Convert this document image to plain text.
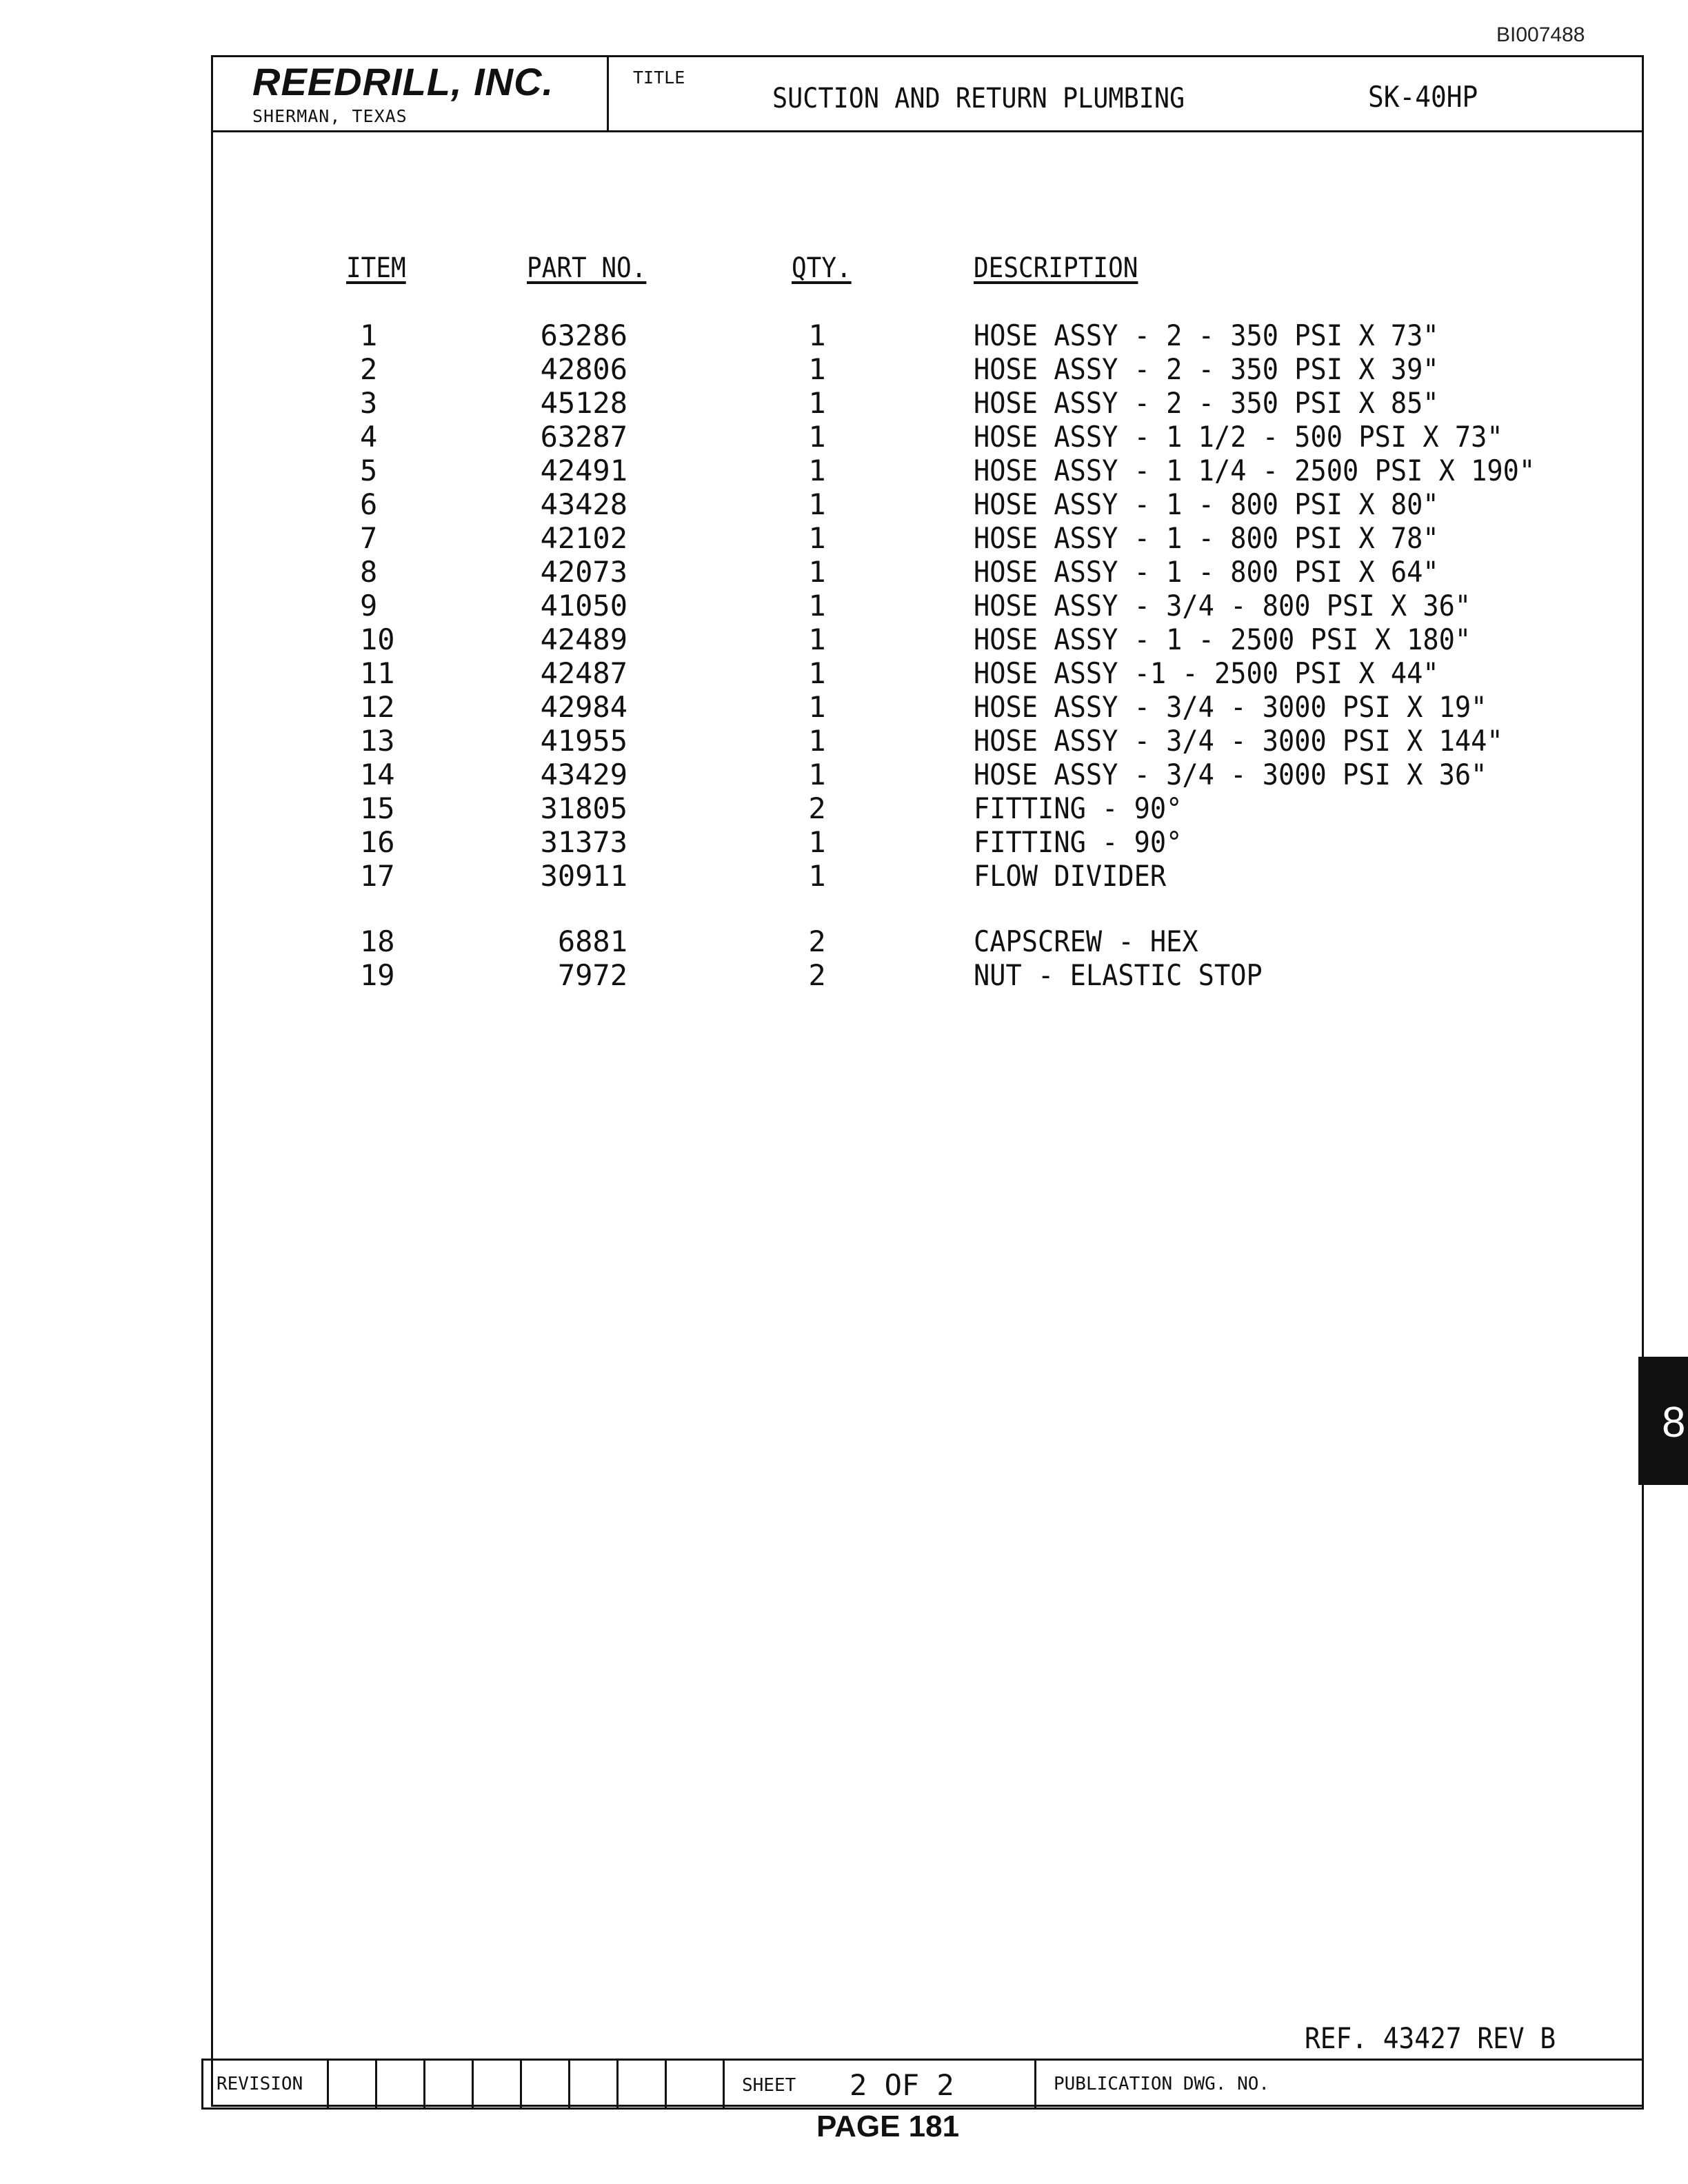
BI007488
REEDRILL, INC.
SHERMAN, TEXAS
TITLE
SUCTION AND RETURN PLUMBING	SK-40HP
ITEM	PART NO.	QTY.	DESCRIPTION
1	63286	1	HOSE ASSY - 2 - 350 PSI X 73"
2	42806	1	HOSE ASSY - 2 - 350 PSI X 39"
3	45128	1	HOSE ASSY - 2 - 350 PSI X 85"
4	63287	1	HOSE ASSY - 1 1/2 - 500 PSI X 73"
5	42491	1	HOSE ASSY - 1 1/4 - 2500 PSI X 190"
6	43428	1	HOSE ASSY - 1 - 800 PSI X 80"
7	42102	1	HOSE ASSY - 1 - 800 PSI X 78"
8	42073	1	HOSE ASSY - 1 - 800 PSI X 64"
9	41050	1	HOSE ASSY - 3/4 - 800 PSI X 36"
10	42489	1	HOSE ASSY - 1 - 2500 PSI X 180"
11	42487	1	HOSE ASSY -1 - 2500 PSI X 44"
12	42984	1	HOSE ASSY - 3/4 - 3000 PSI X 19"
13	41955	1	HOSE ASSY - 3/4 - 3000 PSI X 144"
14	43429	1	HOSE ASSY - 3/4 - 3000 PSI X 36"
15	31805	2	FITTING - 90°
16	31373	1	FITTING - 90°
17	30911	1	FLOW DIVIDER
18	6881	2	CAPSCREW - HEX
19	7972	2	NUT - ELASTIC STOP
REF. 43427 REV B
REVISION	SHEET 2 OF 2	PUBLICATION DWG. NO.
PAGE 181
8
